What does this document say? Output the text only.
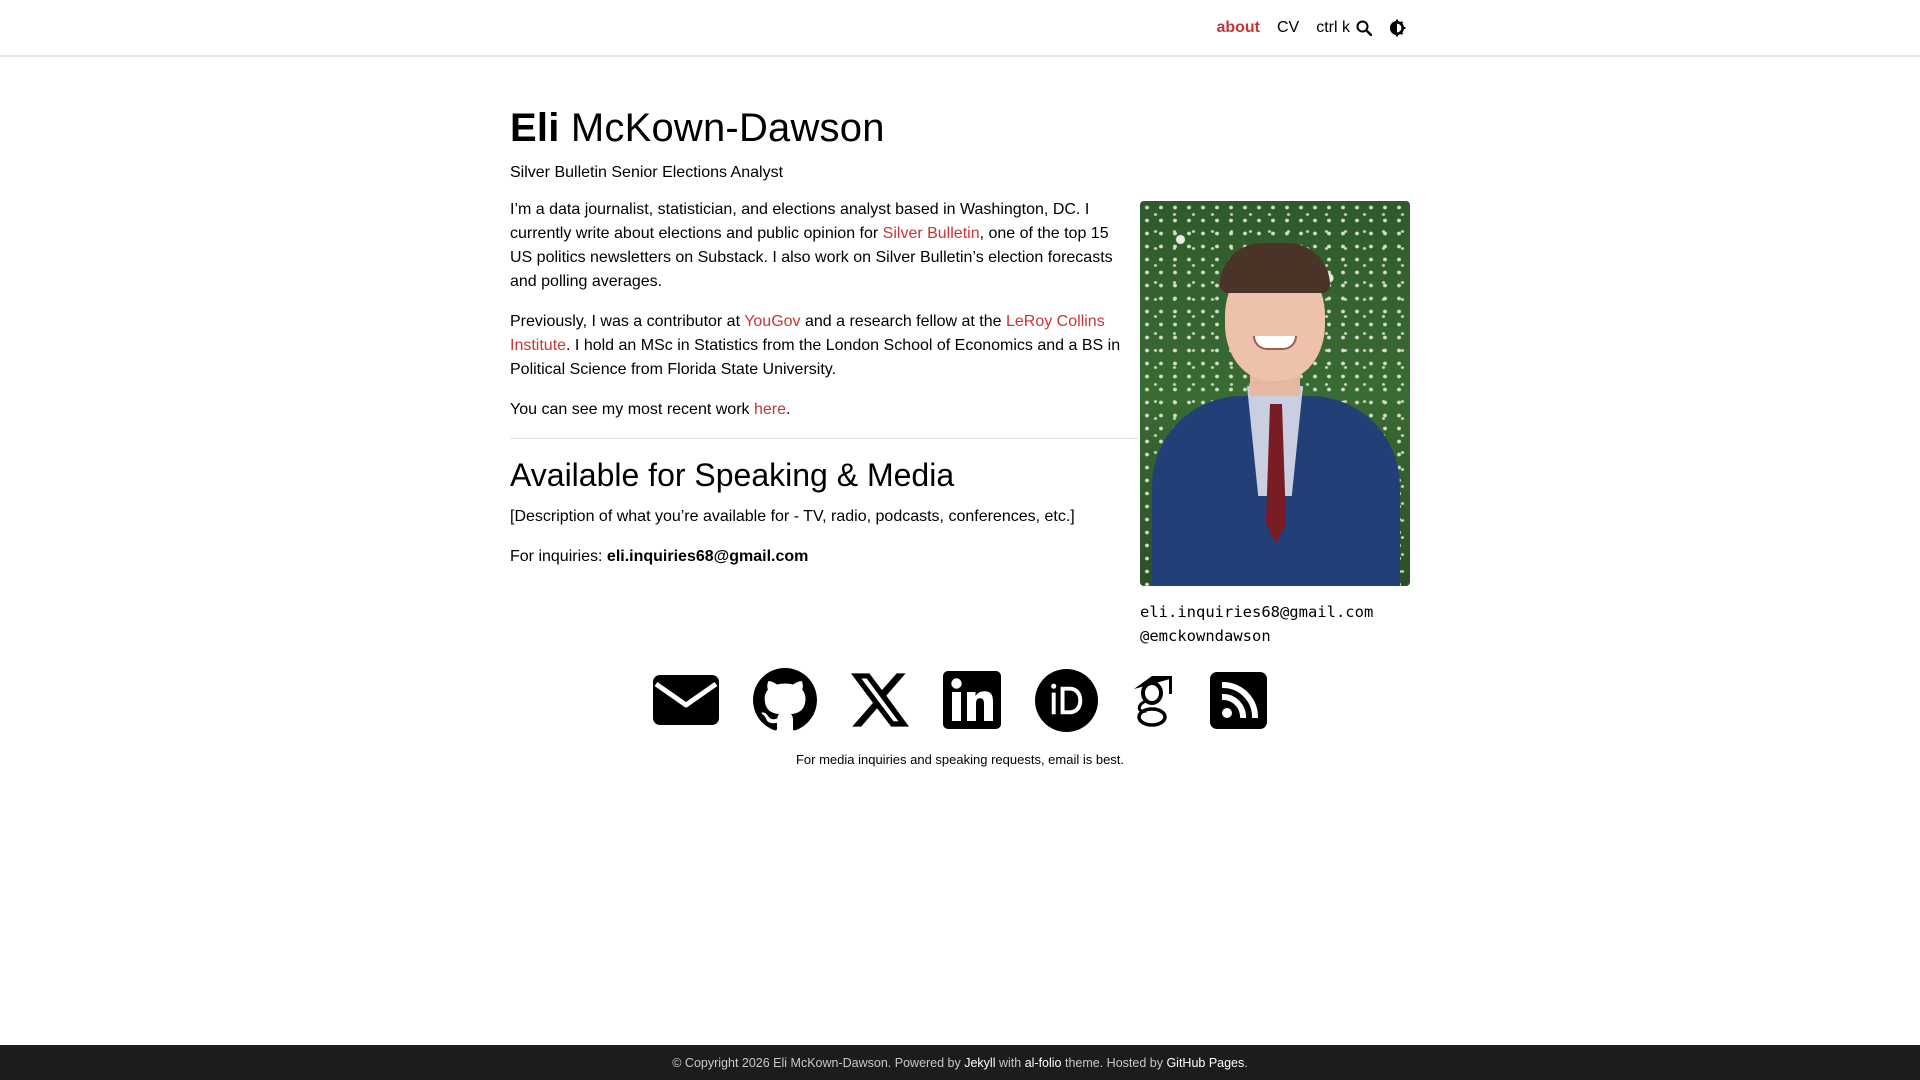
about CV ctrl k
Eli McKown-Dawson

Silver Bulletin Senior Elections Analyst

I’m a data journalist, statistician, and elections analyst based in Washington, DC. I currently write about elections and public opinion for Silver Bulletin, one of the top 15 US politics newsletters on Substack. I also work on Silver Bulletin’s election forecasts and polling averages.

Previously, I was a contributor at YouGov and a research fellow at the LeRoy Collins Institute. I hold an MSc in Statistics from the London School of Economics and a BS in Political Science from Florida State University.

You can see my most recent work here.

Available for Speaking & Media

[Description of what you’re available for - TV, radio, podcasts, conferences, etc.]

For inquiries: eli.inquiries68@gmail.com

eli.inquiries68@gmail.com
@emckowndawson

For media inquiries and speaking requests, email is best.

© Copyright 2026 Eli McKown-Dawson. Powered by Jekyll with al-folio theme. Hosted by GitHub Pages.
